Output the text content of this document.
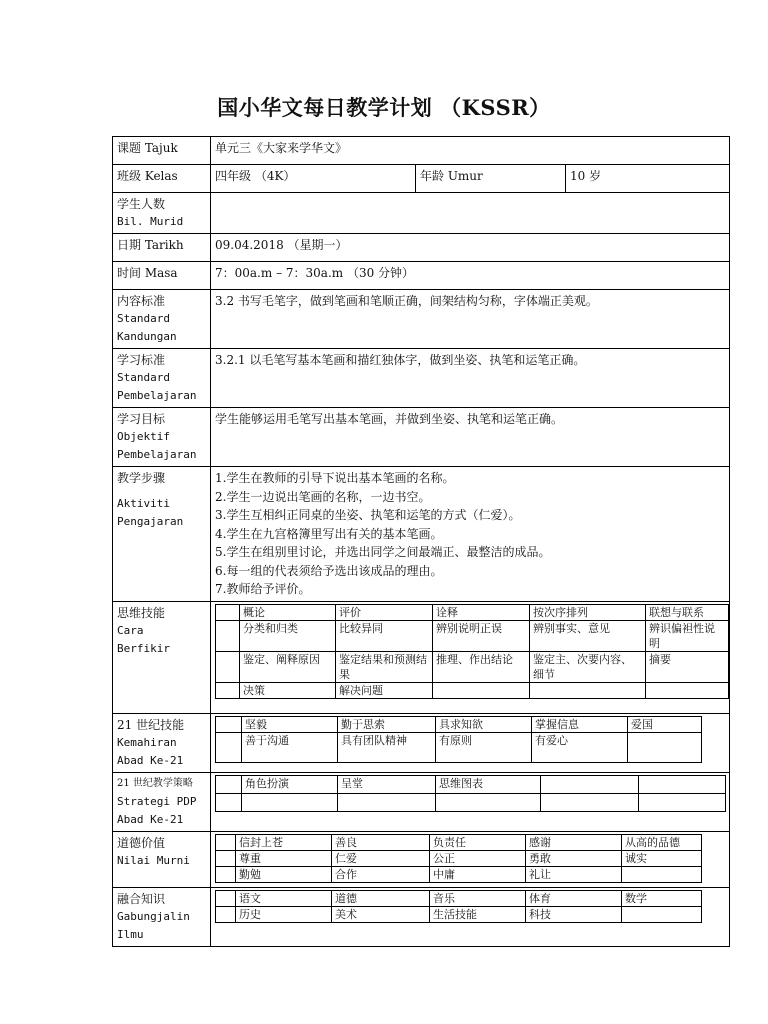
国小华文每日教学计划 （KSSR）
课题 Tajuk	单元三《大家来学华文》
班级 Kelas	四年级 （4K）	年龄 Umur	10 岁

学生人数
Bil. Murid

日期 Tarikh	09.04.2018 （星期一）
时间 Masa	7：00a.m – 7：30a.m （30 分钟）

内容标准
Standard
Kandungan
	3.2 书写毛笔字，做到笔画和笔顺正确，间架结构匀称，字体端正美观。

学习标准
Standard
Pembelajaran
	3.2.1 以毛笔写基本笔画和描红独体字，做到坐姿、执笔和运笔正确。

学习目标
Objektif
Pembelajaran
	学生能够运用毛笔写出基本笔画，并做到坐姿、执笔和运笔正确。

教学步骤
Aktiviti
Pengajaran

1.学生在教师的引导下说出基本笔画的名称。
2.学生一边说出笔画的名称，一边书空。
3.学生互相纠正同桌的坐姿、执笔和运笔的方式（仁爱）。
4.学生在九宫格簿里写出有关的基本笔画。
5.学生在组别里讨论，并选出同学之间最端正、最整洁的成品。
6.每一组的代表须给予选出该成品的理由。
7.教师给予评价。

思维技能
Cara
Berfikir

	概论	评价	诠释	按次序排列	联想与联系
	分类和归类	比较异同	辨别说明正误	辨别事实、意见	辨识偏袒性说明
	鉴定、阐释原因	鉴定结果和预测结果	推理、作出结论	鉴定主、次要内容、细节	摘要
	决策	解决问题			

21 世纪技能
Kemahiran
Abad Ke-21

	坚毅	勤于思索	具求知欲	掌握信息	爱国
	善于沟通	具有团队精神	有原则	有爱心	

21 世纪教学策略
Strategi PDP
Abad Ke-21

	角色扮演	呈堂	思维图表		

道德价值
Nilai Murni

	信封上苍	善良	负责任	感谢	从高的品德
	尊重	仁爱	公正	勇敢	诚实
	勤勉	合作	中庸	礼让	

融合知识
Gabungjalin
Ilmu

	语文	道德	音乐	体育	数学
	历史	美术	生活技能	科技	
